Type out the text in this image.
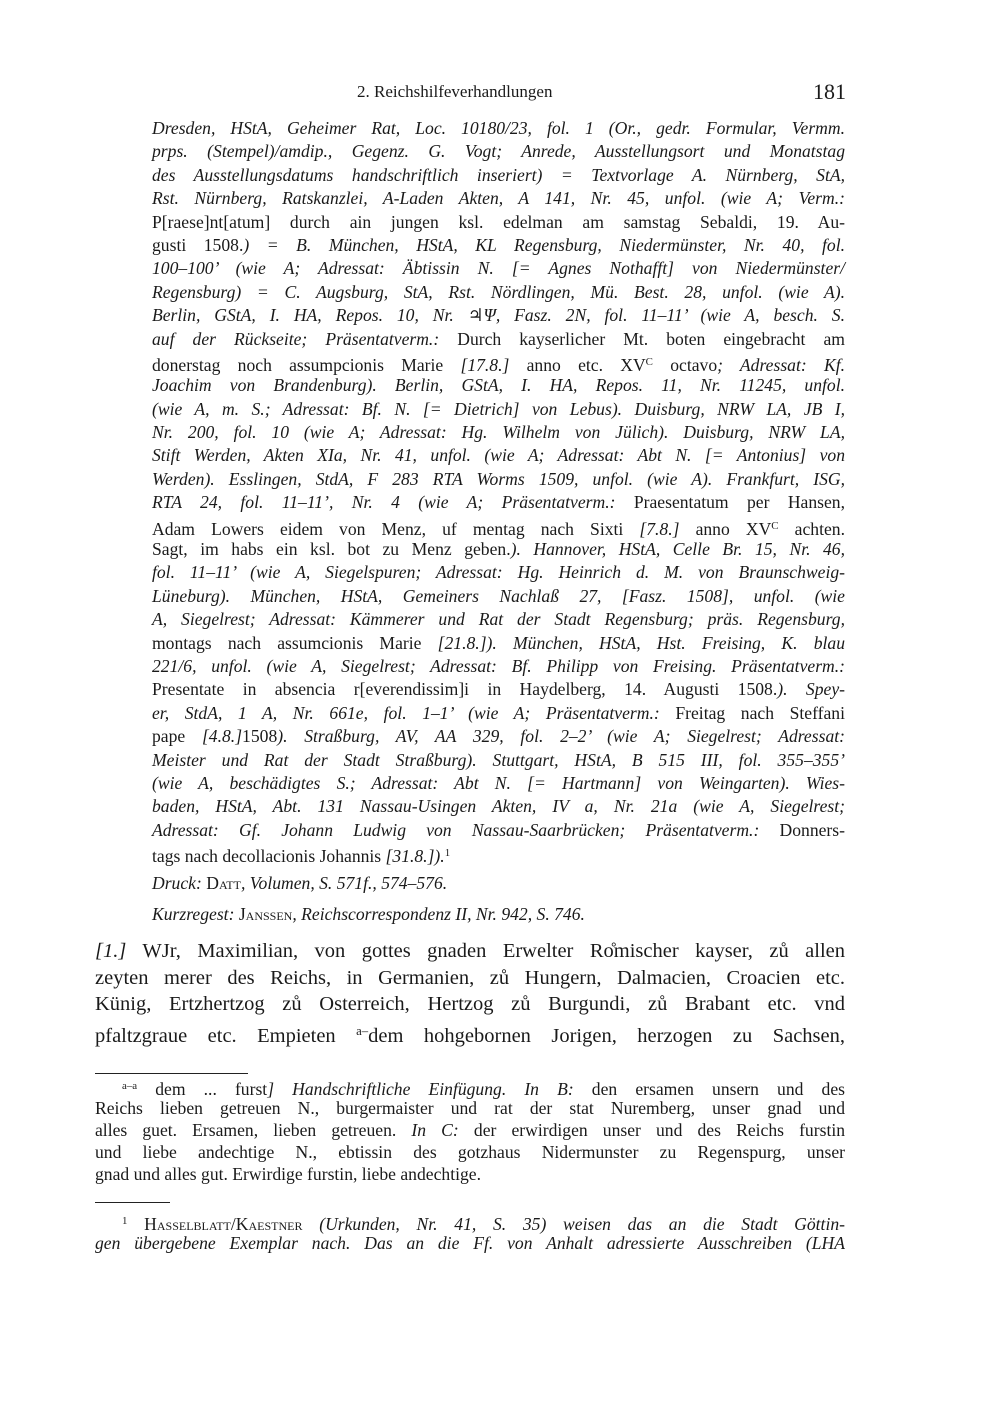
2. Reichshilfeverhandlungen	181
Dresden, HStA, Geheimer Rat, Loc. 10180/23, fol. 1 (Or., gedr. Formular, Vermm.
prps. (Stempel)/amdip., Gegenz. G. Vogt; Anrede, Ausstellungsort und Monatstag
des Ausstellungsdatums handschriftlich inseriert) = Textvorlage A. Nürnberg, StA,
Rst. Nürnberg, Ratskanzlei, A-Laden Akten, A 141, Nr. 45, unfol. (wie A; Verm.:
P[raese]nt[atum] durch ain jungen ksl. edelman am samstag Sebaldi, 19. Au-
gusti 1508.) = B. München, HStA, KL Regensburg, Niedermünster, Nr. 40, fol.
100–100’ (wie A; Adressat: Äbtissin N. [= Agnes Nothafft] von Niedermünster/
Regensburg) = C. Augsburg, StA, Rst. Nördlingen, Mü. Best. 28, unfol. (wie A).
Berlin, GStA, I. HA, Repos. 10, Nr. ♃Ψ, Fasz. 2N, fol. 11–11’ (wie A, besch. S.
auf der Rückseite; Präsentatverm.: Durch kayserlicher Mt. boten eingebracht am
donerstag noch assumpcionis Marie [17.8.] anno etc. $XV^C$ octavo; Adressat: Kf.
Joachim von Brandenburg). Berlin, GStA, I. HA, Repos. 11, Nr. 11245, unfol.
(wie A, m. S.; Adressat: Bf. N. [= Dietrich] von Lebus). Duisburg, NRW LA, JB I,
Nr. 200, fol. 10 (wie A; Adressat: Hg. Wilhelm von Jülich). Duisburg, NRW LA,
Stift Werden, Akten XIa, Nr. 41, unfol. (wie A; Adressat: Abt N. [= Antonius] von
Werden). Esslingen, StdA, F 283 RTA Worms 1509, unfol. (wie A). Frankfurt, ISG,
RTA 24, fol. 11–11’, Nr. 4 (wie A; Präsentatverm.: Praesentatum per Hansen,
Adam Lowers eidem von Menz, uf mentag nach Sixti [7.8.] anno $XV^C$ achten.
Sagt, im habs ein ksl. bot zu Menz geben.). Hannover, HStA, Celle Br. 15, Nr. 46,
fol. 11–11’ (wie A, Siegelspuren; Adressat: Hg. Heinrich d. M. von Braunschweig-
Lüneburg). München, HStA, Gemeiners Nachlaß 27, [Fasz. 1508], unfol. (wie
A, Siegelrest; Adressat: Kämmerer und Rat der Stadt Regensburg; präs. Regensburg,
montags nach assumcionis Marie [21.8.]). München, HStA, Hst. Freising, K. blau
221/6, unfol. (wie A, Siegelrest; Adressat: Bf. Philipp von Freising. Präsentatverm.:
Presentate in absencia r[everendissim]i in Haydelberg, 14. Augusti 1508.). Spey-
er, StdA, 1 A, Nr. 661e, fol. 1–1’ (wie A; Präsentatverm.: Freitag nach Steffani
pape [4.8.]1508). Straßburg, AV, AA 329, fol. 2–2’ (wie A; Siegelrest; Adressat:
Meister und Rat der Stadt Straßburg). Stuttgart, HStA, B 515 III, fol. 355–355’
(wie A, beschädigtes S.; Adressat: Abt N. [= Hartmann] von Weingarten). Wies-
baden, HStA, Abt. 131 Nassau-Usingen Akten, IV a, Nr. 21a (wie A, Siegelrest;
Adressat: Gf. Johann Ludwig von Nassau-Saarbrücken; Präsentatverm.: Donners-
tags nach decollacionis Johannis [31.8.]).$^1$
Druck: Datt, Volumen, S. 571f., 574–576.
Kurzregest: Janssen, Reichscorrespondenz II, Nr. 942, S. 746.
[1.] WJr, Maximilian, von gottes gnaden Erwelter Ro̊mischer kayser, zů allen
zeyten merer des Reichs, in Germanien, zů Hungern, Dalmacien, Croacien etc.
Künig, Ertzhertzog zů Osterreich, Hertzog zů Burgundi, zů Brabant etc. vnd
pfaltzgraue etc. Empieten $^{a-}$dem hohgebornen Jorigen, herzogen zu Sachsen,
$^{a-a}$ dem ... furst] Handschriftliche Einfügung. In B: den ersamen unsern und des
Reichs lieben getreuen N., burgermaister und rat der stat Nuremberg, unser gnad und
alles guet. Ersamen, lieben getreuen. In C: der erwirdigen unser und des Reichs furstin
und liebe andechtige N., ebtissin des gotzhaus Nidermunster zu Regenspurg, unser
gnad und alles gut. Erwirdige furstin, liebe andechtige.
$^1$ Hasselblatt/Kaestner (Urkunden, Nr. 41, S. 35) weisen das an die Stadt Göttin-
gen übergebene Exemplar nach. Das an die Ff. von Anhalt adressierte Ausschreiben (LHA
